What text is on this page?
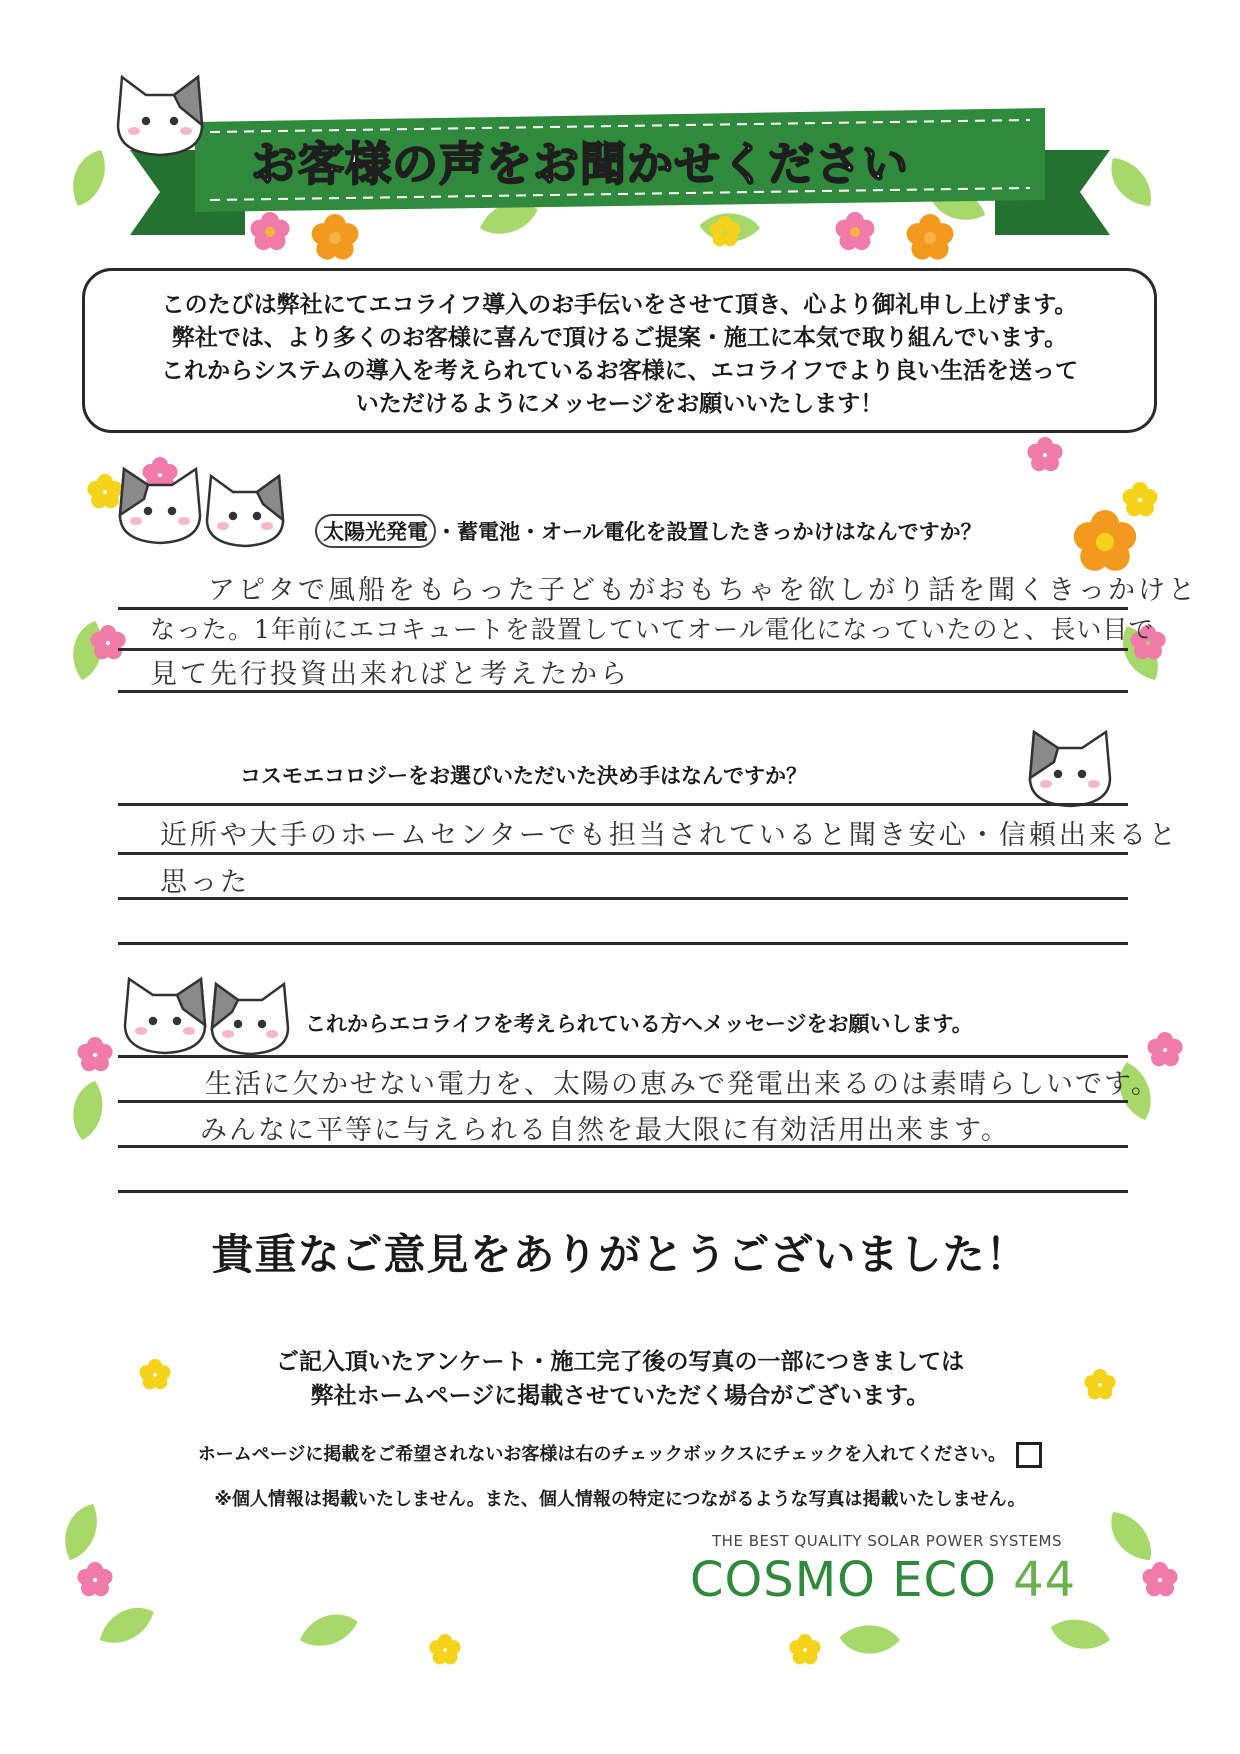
お客様の声をお聞かせください

このたびは弊社にてエコライフ導入のお手伝いをさせて頂き、心より御礼申し上げます。

弊社では、より多くのお客様に喜んで頂けるご提案・施工に本気で取り組んでいます。

これからシステムの導入を考えられているお客様に、エコライフでより良い生活を送って

いただけるようにメッセージをお願いいたします！

太陽光発電 ・蓄電池・オール電化を設置したきっかけはなんですか？
アピタで風船をもらった子どもがおもちゃを欲しがり話を聞くきっかけと
なった。1年前にエコキュートを設置していてオール電化になっていたのと、長い目で
見て先行投資出来ればと考えたから
コスモエコロジーをお選びいただいた決め手はなんですか？
近所や大手のホームセンターでも担当されていると聞き安心・信頼出来ると
思った
これからエコライフを考えられている方へメッセージをお願いします。
生活に欠かせない電力を、太陽の恵みで発電出来るのは素晴らしいです。
みんなに平等に与えられる自然を最大限に有効活用出来ます。
貴重なご意見をありがとうございました！
ご記入頂いたアンケート・施工完了後の写真の一部につきましては
弊社ホームページに掲載させていただく場合がございます。
ホームページに掲載をご希望されないお客様は右のチェックボックスにチェックを入れてください。
※個人情報は掲載いたしません。また、個人情報の特定につながるような写真は掲載いたしません。
THE BEST QUALITY SOLAR POWER SYSTEMS
COSMO ECO 44
